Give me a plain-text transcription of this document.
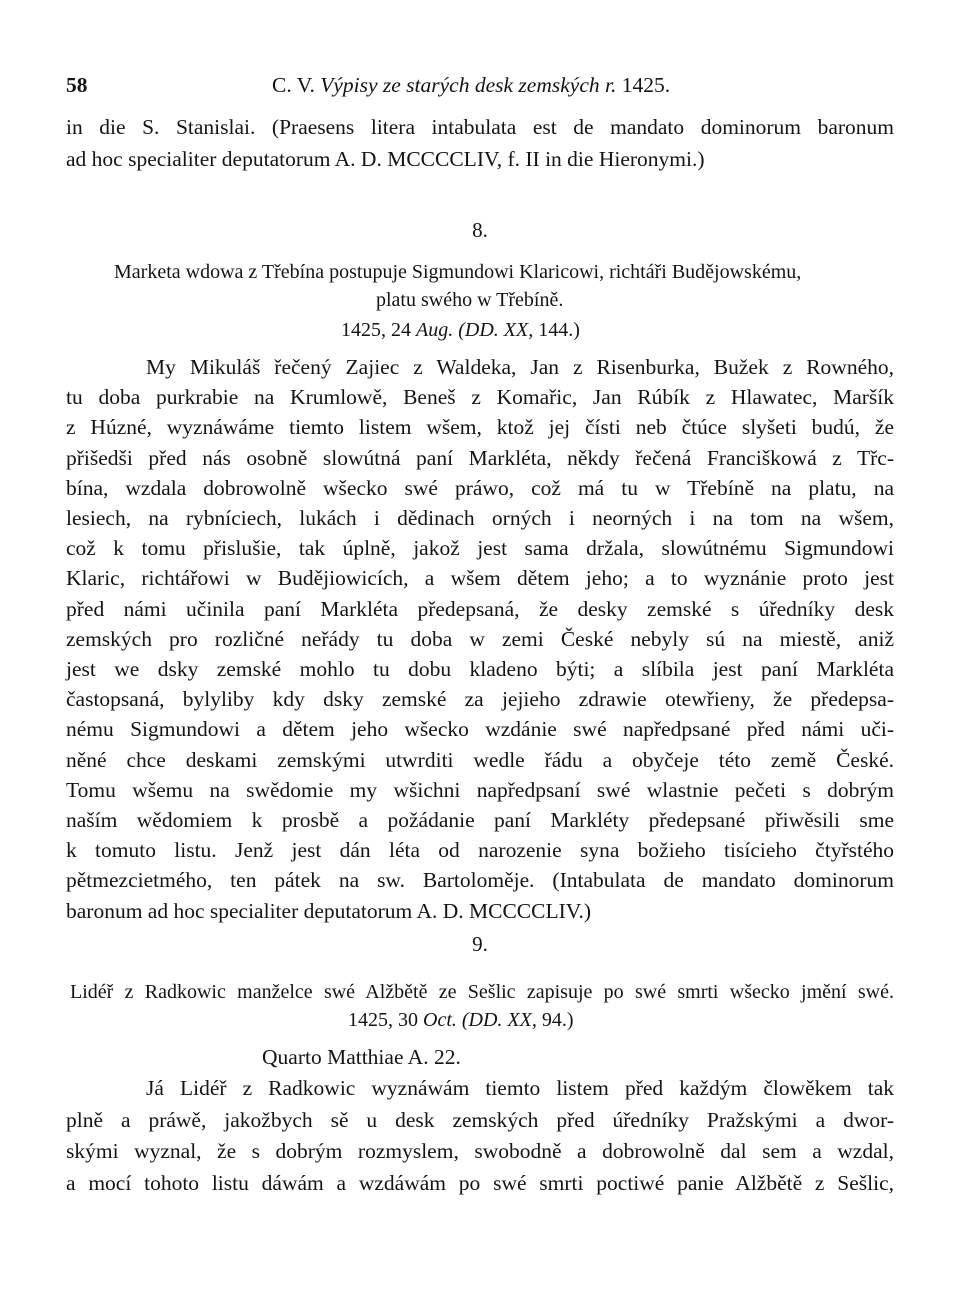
58	C. V. Výpisy ze starých desk zemských r. 1425.
in die S. Stanislai. (Praesens litera intabulata est de mandato dominorum baronum
ad hoc specialiter deputatorum A. D. MCCCCLIV, f. II in die Hieronymi.)
8.
Marketa wdowa z Třebína postupuje Sigmundowi Klaricowi, richtáři Budějowskému,
platu swého w Třebíně.
1425, 24 Aug. (DD. XX, 144.)
My Mikuláš řečený Zajiec z Waldeka, Jan z Risenburka, Bužek z Rowného,
tu doba purkrabie na Krumlowě, Beneš z Komařic, Jan Rúbík z Hlawatec, Maršík
z Húzné, wyznáwáme tiemto listem wšem, ktož jej čísti neb čtúce slyšeti budú, že
přišedši před nás osobně slowútná paní Markléta, někdy řečená Franciškowá z Třc-
bína, wzdala dobrowolně wšecko swé práwo, což má tu w Třebíně na platu, na
lesiech, na rybníciech, lukách i dědinach orných i neorných i na tom na wšem,
což k tomu přislušie, tak úplně, jakož jest sama držala, slowútnému Sigmundowi
Klaric, richtářowi w Budějiowicích, a wšem dětem jeho; a to wyznánie proto jest
před námi učinila paní Markléta předepsaná, že desky zemské s úředníky desk
zemských pro rozličné neřády tu doba w zemi České nebyly sú na miestě, aniž
jest we dsky zemské mohlo tu dobu kladeno býti; a slíbila jest paní Markléta
častopsaná, bylyliby kdy dsky zemské za jejieho zdrawie otewřieny, že předepsa-
nému Sigmundowi a dětem jeho wšecko wzdánie swé napředpsané před námi uči-
něné chce deskami zemskými utwrditi wedle řádu a obyčeje této země České.
Tomu wšemu na swědomie my wšichni napředpsaní swé wlastnie pečeti s dobrým
naším wědomiem k prosbě a požádanie paní Markléty předepsané přiwěsili sme
k tomuto listu. Jenž jest dán léta od narozenie syna božieho tisícieho čtyřstého
pětmezcietmého, ten pátek na sw. Bartoloměje. (Intabulata de mandato dominorum
baronum ad hoc specialiter deputatorum A. D. MCCCCLIV.)
9.
Lidéř z Radkowic manželce swé Alžbětě ze Sešlic zapisuje po swé smrti wšecko jmění swé.
1425, 30 Oct. (DD. XX, 94.)
Quarto Matthiae A. 22.
Já Lidéř z Radkowic wyznáwám tiemto listem před každým člowěkem tak
plně a práwě, jakožbych sě u desk zemských před úředníky Pražskými a dwor-
skými wyznal, že s dobrým rozmyslem, swobodně a dobrowolně dal sem a wzdal,
a mocí tohoto listu dáwám a wzdáwám po swé smrti poctiwé panie Alžbětě z Sešlic,
